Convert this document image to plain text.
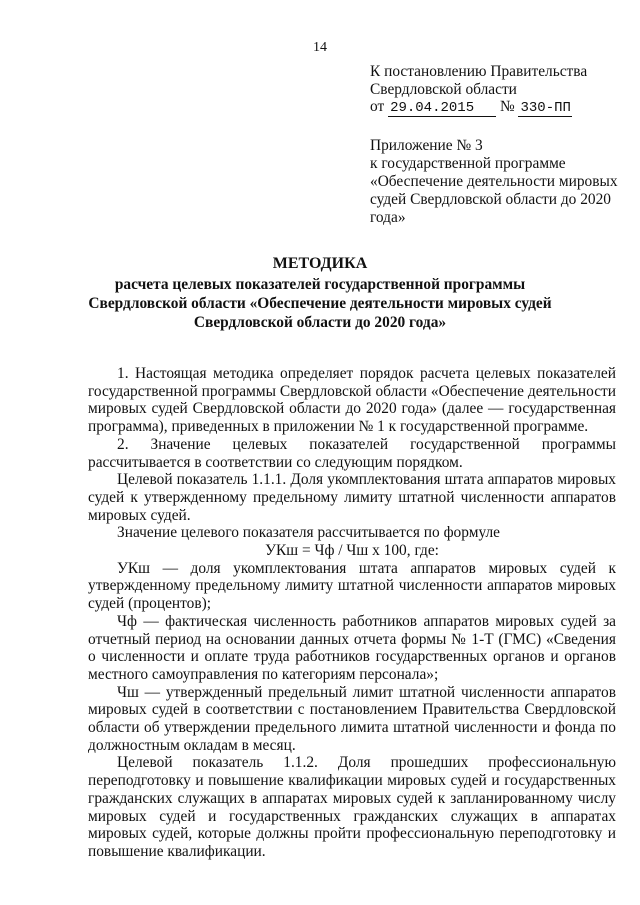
14
К постановлению Правительства
Свердловской области
от 29.04.2015 № 330-ПП
Приложение № 3
к государственной программе
«Обеспечение деятельности мировых
судей Свердловской области до 2020
года»
МЕТОДИКА
расчета целевых показателей государственной программы
Свердловской области «Обеспечение деятельности мировых судей
Свердловской области до 2020 года»

1. Настоящая методика определяет порядок расчета целевых показателей государственной программы Свердловской области «Обеспечение деятельности мировых судей Свердловской области до 2020 года» (далее — государственная программа), приведенных в приложении № 1 к государственной программе.

2. Значение целевых показателей государственной программы рассчитывается в соответствии со следующим порядком.

Целевой показатель 1.1.1. Доля укомплектования штата аппаратов мировых судей к утвержденному предельному лимиту штатной численности аппаратов мировых судей.

Значение целевого показателя рассчитывается по формуле

УКш = Чф / Чш х 100, где:

УКш — доля укомплектования штата аппаратов мировых судей к утвержденному предельному лимиту штатной численности аппаратов мировых судей (процентов);

Чф — фактическая численность работников аппаратов мировых судей за отчетный период на основании данных отчета формы № 1-Т (ГМС) «Сведения о численности и оплате труда работников государственных органов и органов местного самоуправления по категориям персонала»;

Чш — утвержденный предельный лимит штатной численности аппаратов мировых судей в соответствии с постановлением Правительства Свердловской области об утверждении предельного лимита штатной численности и фонда по должностным окладам в месяц.

Целевой показатель 1.1.2. Доля прошедших профессиональную переподготовку и повышение квалификации мировых судей и государственных гражданских служащих в аппаратах мировых судей к запланированному числу мировых судей и государственных гражданских служащих в аппаратах мировых судей, которые должны пройти профессиональную переподготовку и повышение квалификации.
